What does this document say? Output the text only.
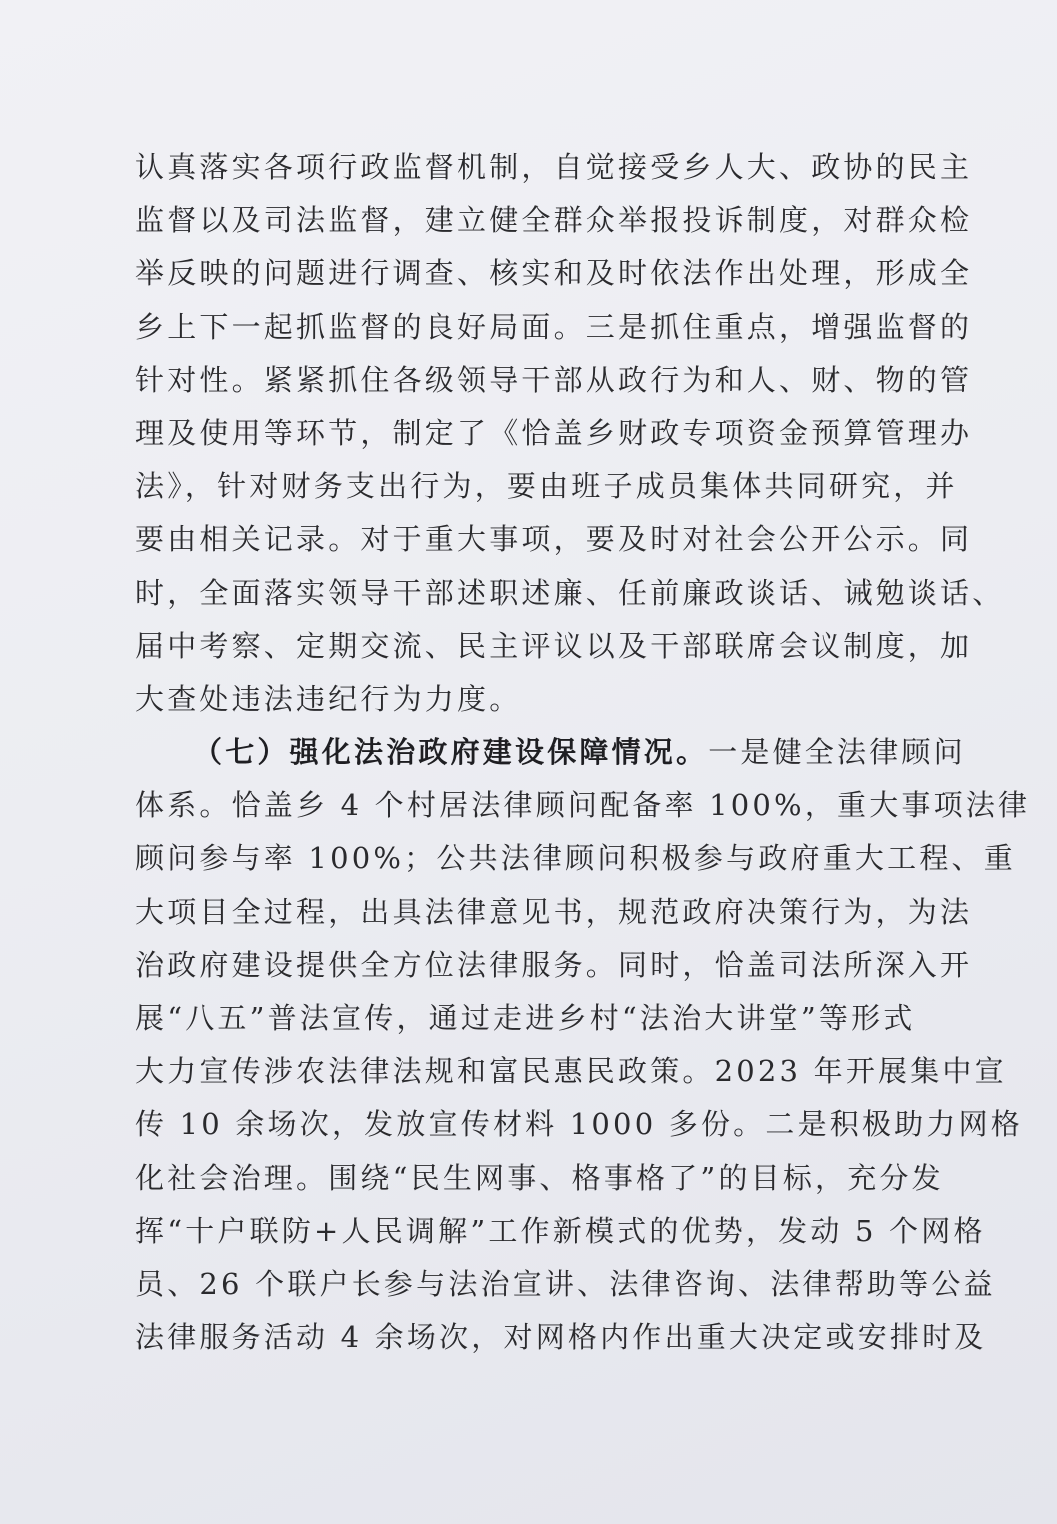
认真落实各项行政监督机制，自觉接受乡人大、政协的民主
监督以及司法监督，建立健全群众举报投诉制度，对群众检
举反映的问题进行调查、核实和及时依法作出处理，形成全
乡上下一起抓监督的良好局面。三是抓住重点，增强监督的
针对性。紧紧抓住各级领导干部从政行为和人、财、物的管
理及使用等环节，制定了《恰盖乡财政专项资金预算管理办
法》，针对财务支出行为，要由班子成员集体共同研究，并
要由相关记录。对于重大事项，要及时对社会公开公示。同
时，全面落实领导干部述职述廉、任前廉政谈话、诫勉谈话、
届中考察、定期交流、民主评议以及干部联席会议制度，加
大查处违法违纪行为力度。
（七）强化法治政府建设保障情况。一是健全法律顾问
体系。恰盖乡 4 个村居法律顾问配备率 100%，重大事项法律
顾问参与率 100%；公共法律顾问积极参与政府重大工程、重
大项目全过程，出具法律意见书，规范政府决策行为，为法
治政府建设提供全方位法律服务。同时，恰盖司法所深入开
展“八五”普法宣传，通过走进乡村“法治大讲堂”等形式
大力宣传涉农法律法规和富民惠民政策。2023 年开展集中宣
传 10 余场次，发放宣传材料 1000 多份。二是积极助力网格
化社会治理。围绕“民生网事、格事格了”的目标，充分发
挥“十户联防+人民调解”工作新模式的优势，发动 5 个网格
员、26 个联户长参与法治宣讲、法律咨询、法律帮助等公益
法律服务活动 4 余场次，对网格内作出重大决定或安排时及
